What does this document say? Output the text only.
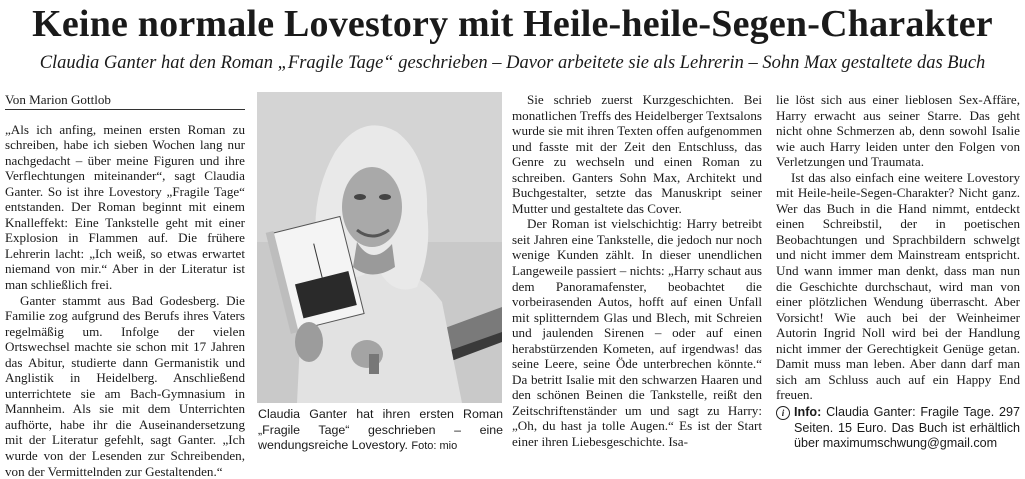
Keine normale Lovestory mit Heile-heile-Segen-Charakter
Claudia Ganter hat den Roman „Fragile Tage“ geschrieben – Davor arbeitete sie als Lehrerin – Sohn Max gestaltete das Buch

Von Marion Gottlob

„Als ich anfing, meinen ersten Roman zu schreiben, habe ich sieben Wochen lang nur nachgedacht – über meine Figuren und ihre Verflechtungen miteinander“, sagt Claudia Ganter. So ist ihre Lovestory „Fragile Tage“ entstanden. Der Roman beginnt mit einem Knalleffekt: Eine Tankstelle geht mit einer Explosion in Flammen auf. Die frühere Lehrerin lacht: „Ich weiß, so etwas erwartet niemand von mir.“ Aber in der Literatur ist man schließlich frei.

Ganter stammt aus Bad Godesberg. Die Familie zog aufgrund des Berufs ihres Vaters regelmäßig um. Infolge der vielen Ortswechsel machte sie schon mit 17 Jahren das Abitur, studierte dann Germanistik und Anglistik in Heidelberg. Anschließend unterrichtete sie am Bach-Gymnasium in Mannheim. Als sie mit dem Unterrichten aufhörte, habe ihr die Auseinandersetzung mit der Literatur gefehlt, sagt Ganter. „Ich wurde von der Lesenden zur Schreibenden, von der Vermittelnden zur Gestaltenden.“

Claudia Ganter hat ihren ersten Roman „Fragile Tage“ geschrieben – eine wendungsreiche Lovestory. Foto: mio

Sie schrieb zuerst Kurzgeschichten. Bei monatlichen Treffs des Heidelberger Textsalons wurde sie mit ihren Texten offen aufgenommen und fasste mit der Zeit den Entschluss, das Genre zu wechseln und einen Roman zu schreiben. Ganters Sohn Max, Architekt und Buchgestalter, setzte das Manuskript seiner Mutter und gestaltete das Cover.

Der Roman ist vielschichtig: Harry betreibt seit Jahren eine Tankstelle, die jedoch nur noch wenige Kunden zählt. In dieser unendlichen Langeweile passiert – nichts: „Harry schaut aus dem Panoramafenster, beobachtet die vorbeirasenden Autos, hofft auf einen Unfall mit splitterndem Glas und Blech, mit Schreien und jaulenden Sirenen – oder auf einen herabstürzenden Kometen, auf irgendwas! das seine Leere, seine Öde unterbrechen könnte.“ Da betritt Isalie mit den schwarzen Haaren und den schönen Beinen die Tankstelle, reißt den Zeitschriftenständer um und sagt zu Harry: „Oh, du hast ja tolle Augen.“ Es ist der Start einer ihren Liebesgeschichte. Isa-

lie löst sich aus einer lieblosen Sex-Affäre, Harry erwacht aus seiner Starre. Das geht nicht ohne Schmerzen ab, denn sowohl Isalie wie auch Harry leiden unter den Folgen von Verletzungen und Traumata.

Ist das also einfach eine weitere Lovestory mit Heile-heile-Segen-Charakter? Nicht ganz. Wer das Buch in die Hand nimmt, entdeckt einen Schreibstil, der in poetischen Beobachtungen und Sprachbildern schwelgt und nicht immer dem Mainstream entspricht. Und wann immer man denkt, dass man nun die Geschichte durchschaut, wird man von einer plötzlichen Wendung überrascht. Aber Vorsicht! Wie auch bei der Weinheimer Autorin Ingrid Noll wird bei der Handlung nicht immer der Gerechtigkeit Genüge getan. Damit muss man leben. Aber dann darf man sich am Schluss auch auf ein Happy End freuen.

i Info: Claudia Ganter: Fragile Tage. 297 Seiten. 15 Euro. Das Buch ist erhältlich über maximumschwung@gmail.com
